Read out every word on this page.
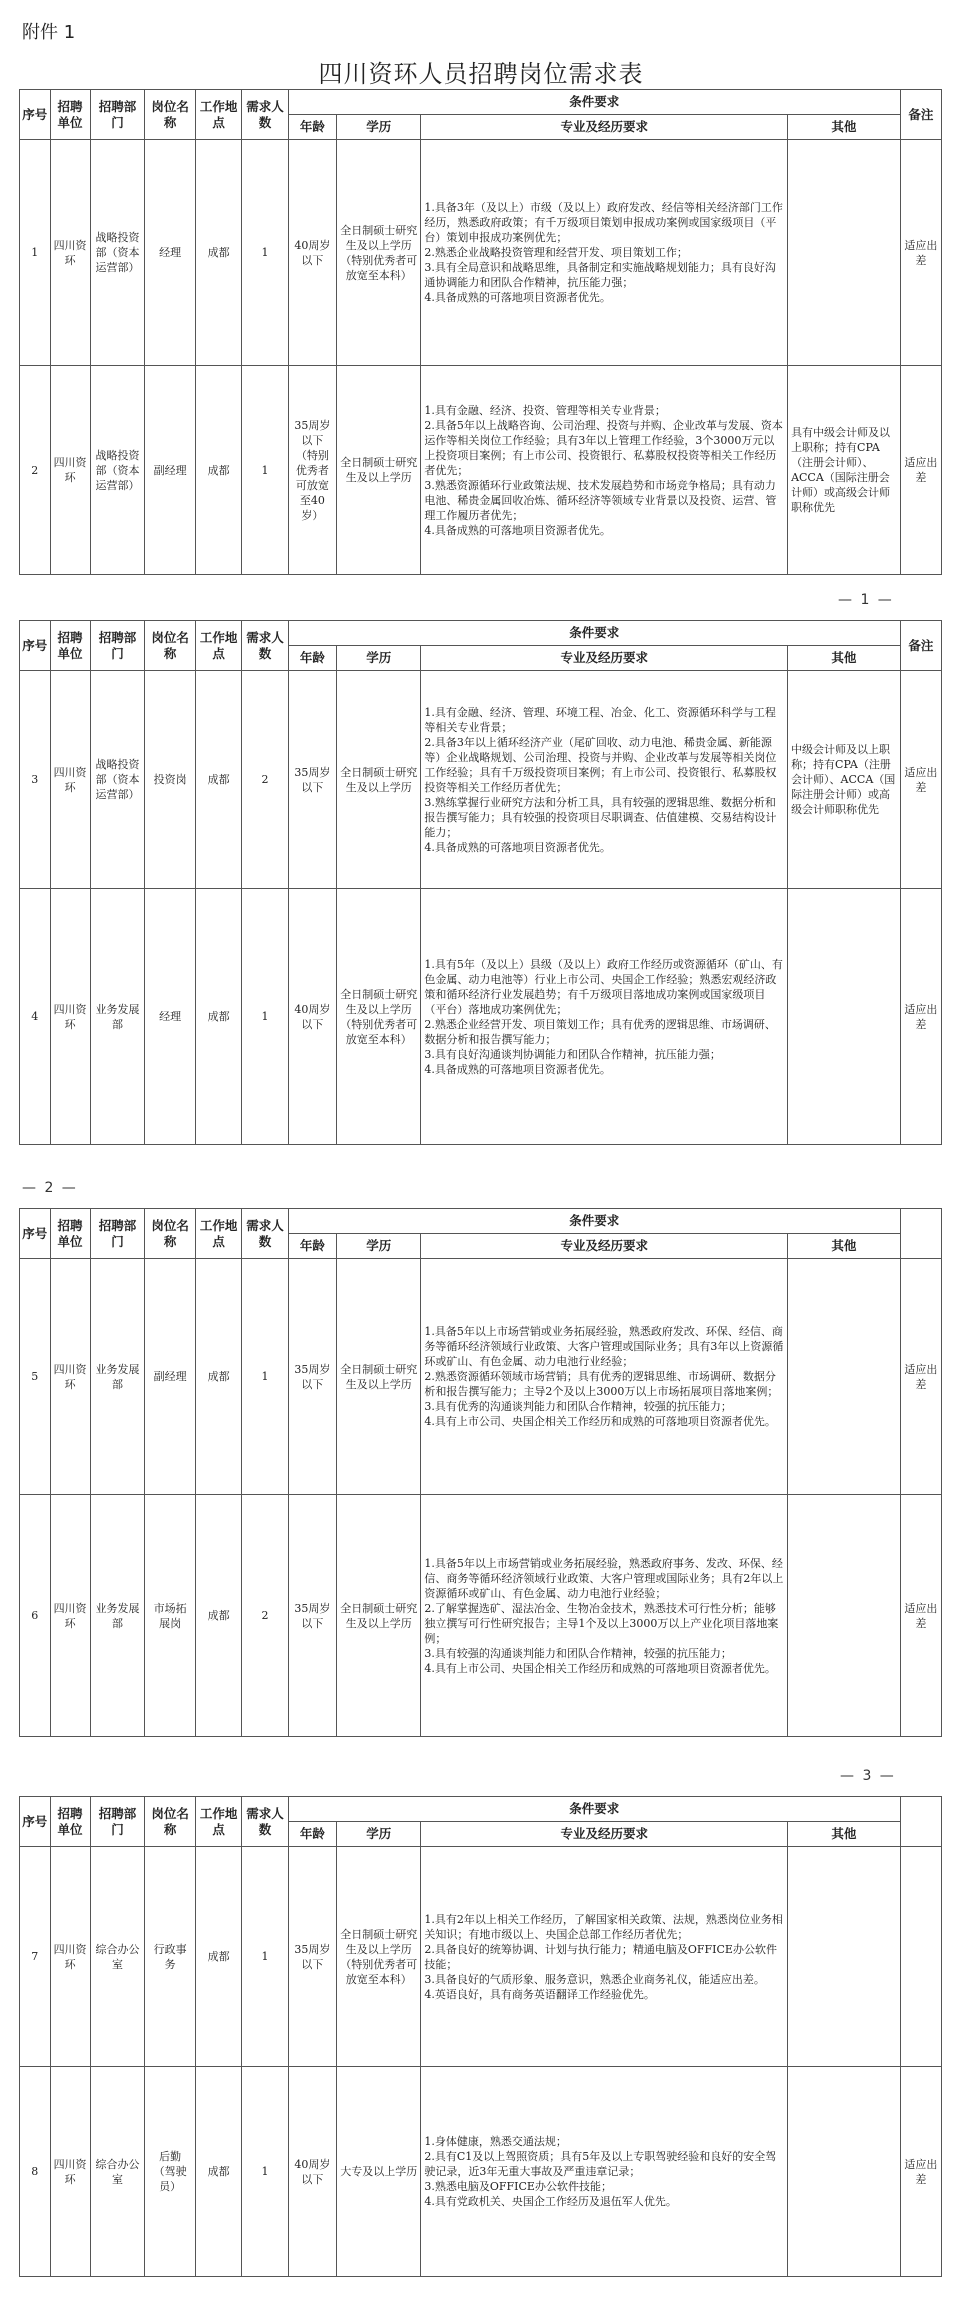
附件 1
四川资环人员招聘岗位需求表
序号	招聘单位	招聘部门	岗位名称	工作地点	需求人数	条件要求				备注
						年龄	学历	专业及经历要求	其他	
1	四川资环	战略投资部（资本运营部）	经理	成都	1	40周岁以下	全日制硕士研究生及以上学历（特别优秀者可放宽至本科）	1.具备3年（及以上）市级（及以上）政府发改、经信等相关经济部门工作经历，熟悉政府政策；有千万级项目策划申报成功案例或国家级项目（平台）策划申报成功案例优先；
2.熟悉企业战略投资管理和经营开发、项目策划工作；
3.具有全局意识和战略思维，具备制定和实施战略规划能力；具有良好沟通协调能力和团队合作精神，抗压能力强；
4.具备成熟的可落地项目资源者优先。		适应出差
2	四川资环	战略投资部（资本运营部）	副经理	成都	1	35周岁以下（特别优秀者可放宽至40岁）	全日制硕士研究生及以上学历	1.具有金融、经济、投资、管理等相关专业背景；
2.具备5年以上战略咨询、公司治理、投资与并购、企业改革与发展、资本运作等相关岗位工作经验；具有3年以上管理工作经验，3个3000万元以上投资项目案例；有上市公司、投资银行、私募股权投资等相关工作经历者优先；
3.熟悉资源循环行业政策法规、技术发展趋势和市场竞争格局；具有动力电池、稀贵金属回收冶炼、循环经济等领域专业背景以及投资、运营、管理工作履历者优先；
4.具备成熟的可落地项目资源者优先。	具有中级会计师及以上职称；持有CPA（注册会计师）、ACCA（国际注册会计师）或高级会计师职称优先	适应出差
— 1 —
序号	招聘单位	招聘部门	岗位名称	工作地点	需求人数	条件要求				备注
						年龄	学历	专业及经历要求	其他	
3	四川资环	战略投资部（资本运营部）	投资岗	成都	2	35周岁以下	全日制硕士研究生及以上学历	1.具有金融、经济、管理、环境工程、冶金、化工、资源循环科学与工程等相关专业背景；
2.具备3年以上循环经济产业（尾矿回收、动力电池、稀贵金属、新能源等）企业战略规划、公司治理、投资与并购、企业改革与发展等相关岗位工作经验；具有千万级投资项目案例；有上市公司、投资银行、私募股权投资等相关工作经历者优先；
3.熟练掌握行业研究方法和分析工具，具有较强的逻辑思维、数据分析和报告撰写能力；具有较强的投资项目尽职调查、估值建模、交易结构设计能力；
4.具备成熟的可落地项目资源者优先。	中级会计师及以上职称；持有CPA（注册会计师）、ACCA（国际注册会计师）或高级会计师职称优先	适应出差
4	四川资环	业务发展部	经理	成都	1	40周岁以下	全日制硕士研究生及以上学历（特别优秀者可放宽至本科）	1.具有5年（及以上）县级（及以上）政府工作经历或资源循环（矿山、有色金属、动力电池等）行业上市公司、央国企工作经验；熟悉宏观经济政策和循环经济行业发展趋势；有千万级项目落地成功案例或国家级项目（平台）落地成功案例优先；
2.熟悉企业经营开发、项目策划工作；具有优秀的逻辑思维、市场调研、数据分析和报告撰写能力；
3.具有良好沟通谈判协调能力和团队合作精神，抗压能力强；
4.具备成熟的可落地项目资源者优先。		适应出差
— 2 —
序号	招聘单位	招聘部门	岗位名称	工作地点	需求人数	条件要求				
						年龄	学历	专业及经历要求	其他	
5	四川资环	业务发展部	副经理	成都	1	35周岁以下	全日制硕士研究生及以上学历	1.具备5年以上市场营销或业务拓展经验，熟悉政府发改、环保、经信、商务等循环经济领域行业政策、大客户管理或国际业务；具有3年以上资源循环或矿山、有色金属、动力电池行业经验；
2.熟悉资源循环领域市场营销；具有优秀的逻辑思维、市场调研、数据分析和报告撰写能力；主导2个及以上3000万以上市场拓展项目落地案例；
3.具有优秀的沟通谈判能力和团队合作精神，较强的抗压能力；
4.具有上市公司、央国企相关工作经历和成熟的可落地项目资源者优先。		适应出差
6	四川资环	业务发展部	市场拓展岗	成都	2	35周岁以下	全日制硕士研究生及以上学历	1.具备5年以上市场营销或业务拓展经验，熟悉政府事务、发改、环保、经信、商务等循环经济领域行业政策、大客户管理或国际业务；具有2年以上资源循环或矿山、有色金属、动力电池行业经验；
2.了解掌握选矿、湿法冶金、生物冶金技术，熟悉技术可行性分析；能够独立撰写可行性研究报告；主导1个及以上3000万以上产业化项目落地案例；
3.具有较强的沟通谈判能力和团队合作精神，较强的抗压能力；
4.具有上市公司、央国企相关工作经历和成熟的可落地项目资源者优先。		适应出差
— 3 —
序号	招聘单位	招聘部门	岗位名称	工作地点	需求人数	条件要求				
						年龄	学历	专业及经历要求	其他	
7	四川资环	综合办公室	行政事务	成都	1	35周岁以下	全日制硕士研究生及以上学历（特别优秀者可放宽至本科）	1.具有2年以上相关工作经历，了解国家相关政策、法规，熟悉岗位业务相关知识；有地市级以上、央国企总部工作经历者优先；
2.具备良好的统筹协调、计划与执行能力；精通电脑及OFFICE办公软件技能；
3.具备良好的气质形象、服务意识，熟悉企业商务礼仪，能适应出差。
4.英语良好，具有商务英语翻译工作经验优先。		

8	四川资环	综合办公室	后勤（驾驶员）	成都	1	40周岁以下	大专及以上学历	1.身体健康，熟悉交通法规；
2.具有C1及以上驾照资质；具有5年及以上专职驾驶经验和良好的安全驾驶记录，近3年无重大事故及严重违章记录；
3.熟悉电脑及OFFICE办公软件技能；
4.具有党政机关、央国企工作经历及退伍军人优先。		适应出差
